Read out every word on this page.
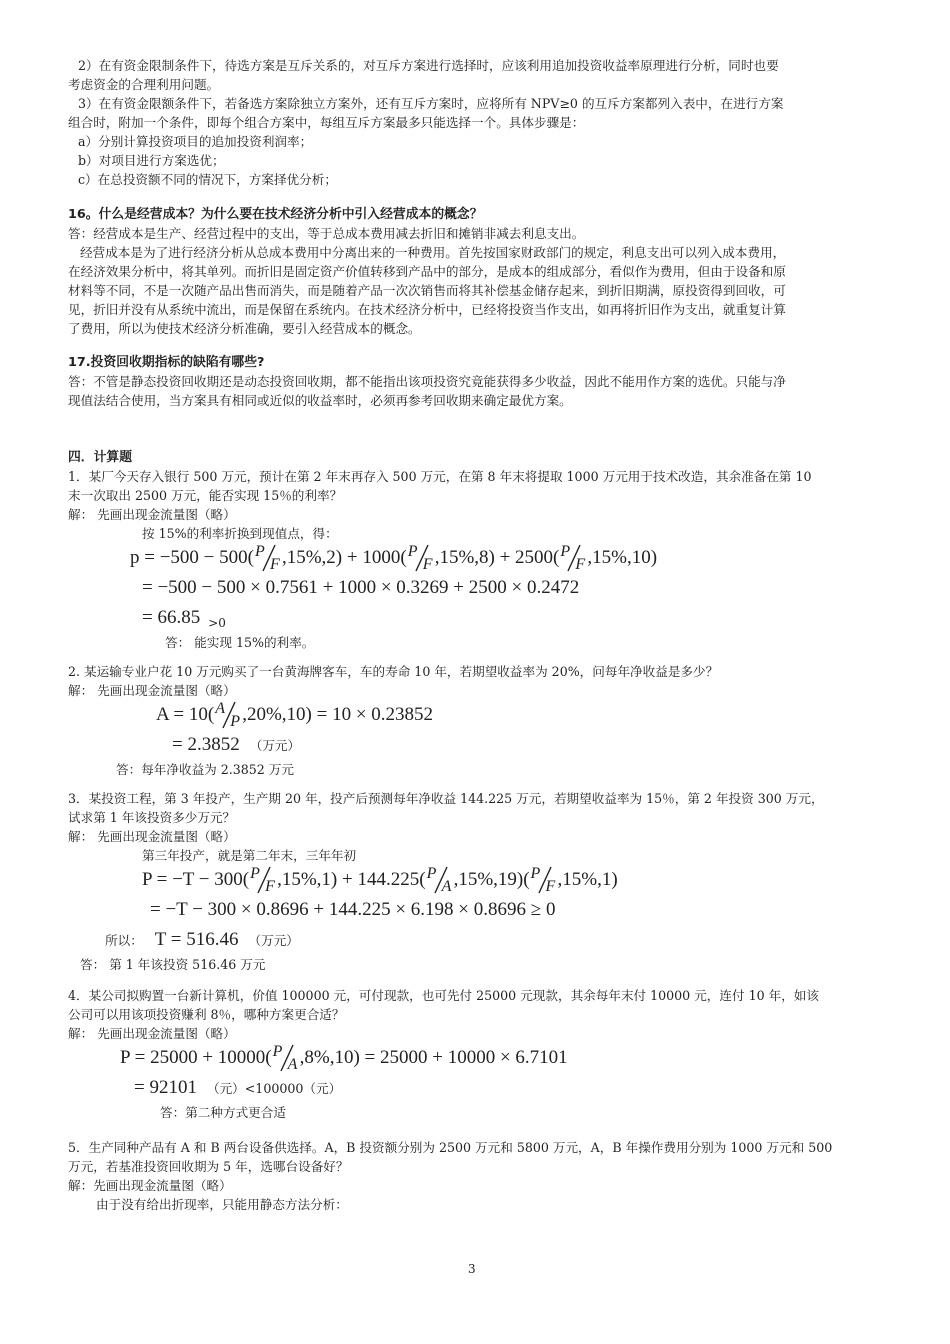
2）在有资金限制条件下，待选方案是互斥关系的，对互斥方案进行选择时，应该利用追加投资收益率原理进行分析，同时也要
考虑资金的合理利用问题。
3）在有资金限额条件下，若备选方案除独立方案外，还有互斥方案时，应将所有 NPV≥0 的互斥方案都列入表中，在进行方案
组合时，附加一个条件，即每个组合方案中，每组互斥方案最多只能选择一个。具体步骤是：
a）分别计算投资项目的追加投资利润率；
b）对项目进行方案选优；
c）在总投资额不同的情况下，方案择优分析；
16。什么是经营成本？为什么要在技术经济分析中引入经营成本的概念？
答：经营成本是生产、经营过程中的支出，等于总成本费用减去折旧和摊销非减去利息支出。
经营成本是为了进行经济分析从总成本费用中分离出来的一种费用。首先按国家财政部门的规定，利息支出可以列入成本费用，
在经济效果分析中，将其单列。而折旧是固定资产价值转移到产品中的部分，是成本的组成部分，看似作为费用，但由于设备和原
材料等不同，不是一次随产品出售而消失，而是随着产品一次次销售而将其补偿基金储存起来，到折旧期满，原投资得到回收，可
见，折旧并没有从系统中流出，而是保留在系统内。在技术经济分析中，已经将投资当作支出，如再将折旧作为支出，就重复计算
了费用，所以为使技术经济分析准确，要引入经营成本的概念。
17.投资回收期指标的缺陷有哪些?
答：不管是静态投资回收期还是动态投资回收期，都不能指出该项投资究竟能获得多少收益，因此不能用作方案的选优。只能与净
现值法结合使用，当方案具有相同或近似的收益率时，必须再参考回收期来确定最优方案。
四．计算题
1．某厂今天存入银行 500 万元，预计在第 2 年末再存入 500 万元，在第 8 年末将提取 1000 万元用于技术改造，其余准备在第 10
末一次取出 2500 万元，能否实现 15％的利率？
解： 先画出现金流量图（略）
按 15%的利率折换到现值点，得：
p = −500 − 500( P
F ,15%,2) + 1000( P
F ,15%,8) + 2500( P
F ,15%,10)
= −500 − 500 × 0.7561 + 1000 × 0.3269 + 2500 × 0.2472
= 66.85 >0
答： 能实现 15%的利率。
2. 某运输专业户花 10 万元购买了一台黄海牌客车，车的寿命 10 年，若期望收益率为 20%，问每年净收益是多少？
解： 先画出现金流量图（略）
A = 10( A
P ,20%,10) = 10 × 0.23852
= 2.3852 （万元）
答：每年净收益为 2.3852 万元
3．某投资工程，第 3 年投产，生产期 20 年，投产后预测每年净收益 144.225 万元，若期望收益率为 15％，第 2 年投资 300 万元，
试求第 1 年该投资多少万元？
解： 先画出现金流量图（略）
第三年投产，就是第二年末，三年年初
P = −T − 300( P
F ,15%,1) + 144.225( P
A ,15%,19)( P
F ,15%,1)
= −T − 300 × 0.8696 + 144.225 × 6.198 × 0.8696 ≥ 0
所以： T = 516.46 （万元）
答： 第 1 年该投资 516.46 万元
4．某公司拟购置一台新计算机，价值 100000 元，可付现款，也可先付 25000 元现款，其余每年末付 10000 元，连付 10 年，如该
公司可以用该项投资赚利 8％，哪种方案更合适？
解： 先画出现金流量图（略）
P = 25000 + 10000( P
A ,8%,10) = 25000 + 10000 × 6.7101
= 92101 （元）<100000（元）
答：第二种方式更合适
5．生产同种产品有 A 和 B 两台设备供选择。A，B 投资额分别为 2500 万元和 5800 万元，A，B 年操作费用分别为 1000 万元和 500
万元，若基准投资回收期为 5 年，选哪台设备好？
解：先画出现金流量图（略）
由于没有给出折现率，只能用静态方法分析：
3
